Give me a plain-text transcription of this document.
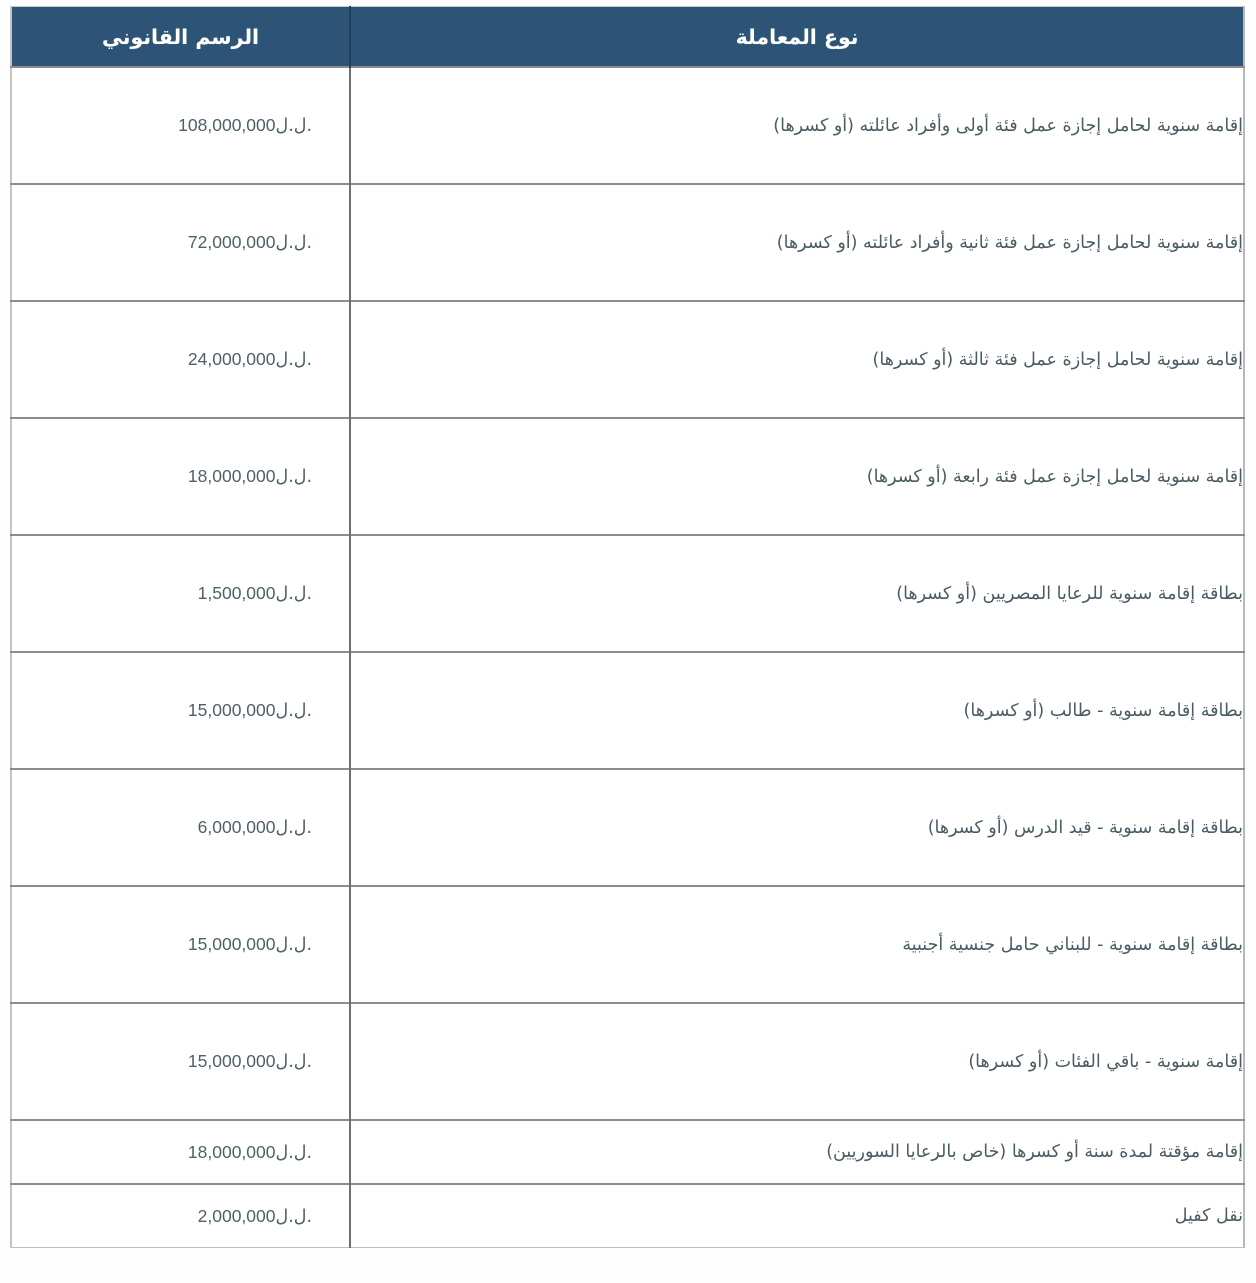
نوع المعاملة	الرسم القانوني
إقامة سنوية لحامل إجازة عمل فئة أولى وأفراد عائلته (أو كسرها)	108,000,000ل.ل.
إقامة سنوية لحامل إجازة عمل فئة ثانية وأفراد عائلته (أو كسرها)	72,000,000ل.ل.
إقامة سنوية لحامل إجازة عمل فئة ثالثة (أو كسرها)	24,000,000ل.ل.
إقامة سنوية لحامل إجازة عمل فئة رابعة (أو كسرها)	18,000,000ل.ل.
بطاقة إقامة سنوية للرعايا المصريين (أو كسرها)	1,500,000ل.ل.
بطاقة إقامة سنوية - طالب (أو كسرها)	15,000,000ل.ل.
بطاقة إقامة سنوية - قيد الدرس (أو كسرها)	6,000,000ل.ل.
بطاقة إقامة سنوية - للبناني حامل جنسية أجنبية	15,000,000ل.ل.
إقامة سنوية - باقي الفئات (أو كسرها)	15,000,000ل.ل.
إقامة مؤقتة لمدة سنة أو كسرها (خاص بالرعايا السوريين)	18,000,000ل.ل.
نقل كفيل	2,000,000ل.ل.
